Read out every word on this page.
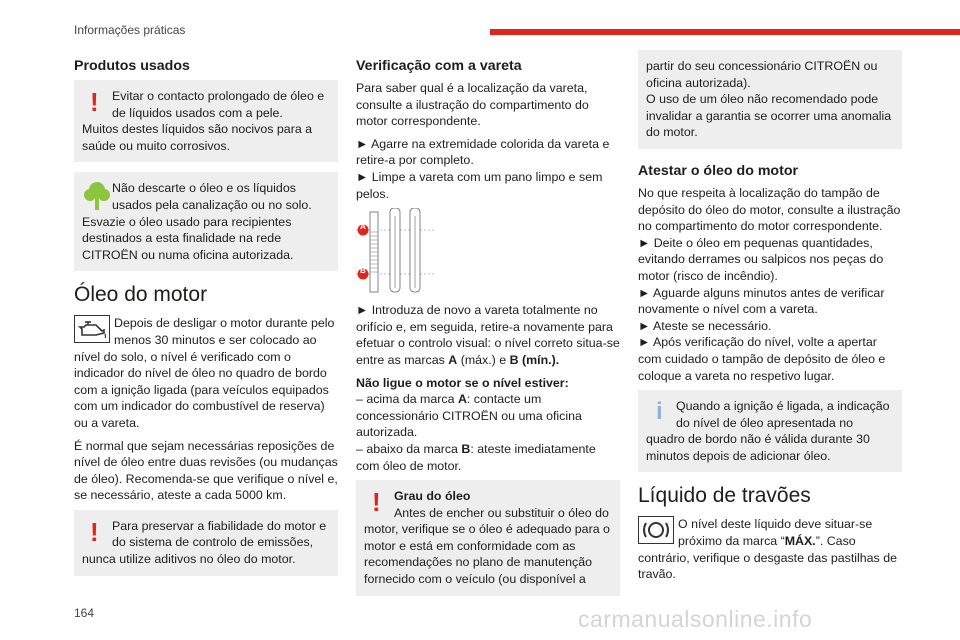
Informações práticas
Produtos usados
!	Evitar o contacto prolongado de óleo e de líquidos usados com a pele.
Muitos destes líquidos são nocivos para a saúde ou muito corrosivos.
Não descarte o óleo e os líquidos usados pela canalização ou no solo.
Esvazie o óleo usado para recipientes destinados a esta finalidade na rede CITROËN ou numa oficina autorizada.
Óleo do motor

Depois de desligar o motor durante pelo menos 30 minutos e ser colocado ao nível do solo, o nível é verificado com o indicador do nível de óleo no quadro de bordo com a ignição ligada (para veículos equipados com um indicador do combustível de reserva) ou a vareta.

É normal que sejam necessárias reposições de nível de óleo entre duas revisões (ou mudanças de óleo). Recomenda-se que verifique o nível e, se necessário, ateste a cada 5000 km.

!	Para preservar a fiabilidade do motor e do sistema de controlo de emissões, nunca utilize aditivos no óleo do motor.
Verificação com a vareta

Para saber qual é a localização da vareta, consulte a ilustração do compartimento do motor correspondente.

► Agarre na extremidade colorida da vareta e retire-a por completo.

► Limpe a vareta com um pano limpo e sem pelos.

A
B

► Introduza de novo a vareta totalmente no orifício e, em seguida, retire-a novamente para efetuar o controlo visual: o nível correto situa-se entre as marcas A (máx.) e B (mín.).

Não ligue o motor se o nível estiver:

– acima da marca A: contacte um concessionário CITROËN ou uma oficina autorizada.

– abaixo da marca B: ateste imediatamente com óleo de motor.

!	Grau do óleo
Antes de encher ou substituir o óleo do motor, verifique se o óleo é adequado para o motor e está em conformidade com as recomendações no plano de manutenção fornecido com o veículo (ou disponível a
partir do seu concessionário CITROËN ou oficina autorizada).
O uso de um óleo não recomendado pode invalidar a garantia se ocorrer uma anomalia do motor.
Atestar o óleo do motor

No que respeita à localização do tampão de depósito do óleo do motor, consulte a ilustração no compartimento do motor correspondente.

► Deite o óleo em pequenas quantidades, evitando derrames ou salpicos nos peças do motor (risco de incêndio).

► Aguarde alguns minutos antes de verificar novamente o nível com a vareta.

► Ateste se necessário.

► Após verificação do nível, volte a apertar com cuidado o tampão de depósito de óleo e coloque a vareta no respetivo lugar.

i	Quando a ignição é ligada, a indicação do nível de óleo apresentada no quadro de bordo não é válida durante 30 minutos depois de adicionar óleo.
Líquido de travões

O nível deste líquido deve situar-se próximo da marca “MÁX.”. Caso contrário, verifique o desgaste das pastilhas de travão.

164	carmanualsonline.info
